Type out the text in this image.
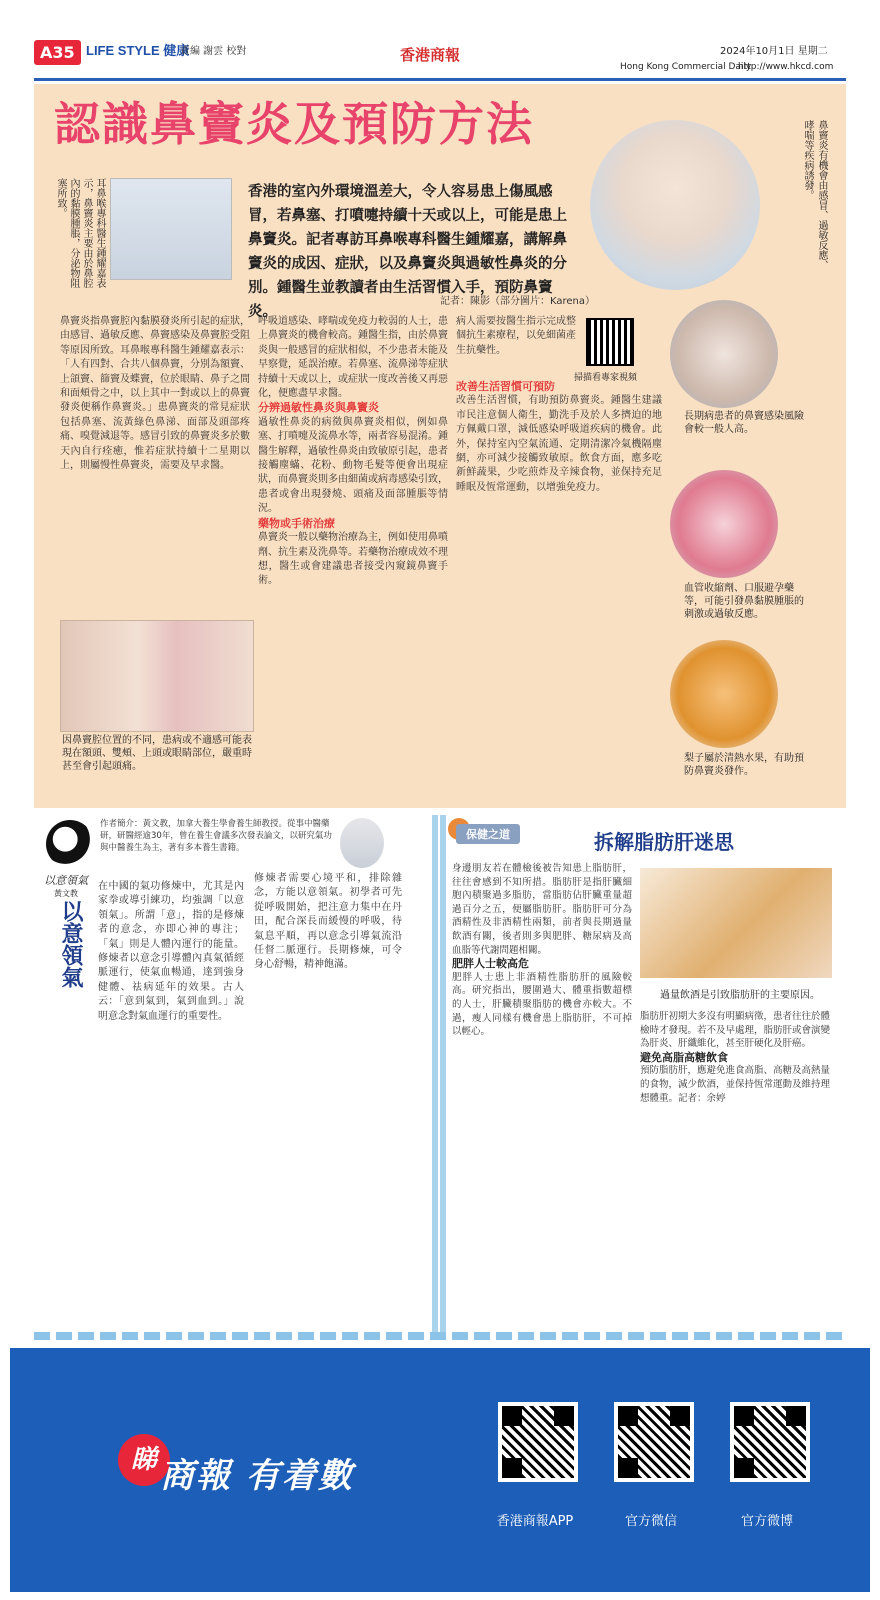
A35 LIFE STYLE 健康
責編 謝雲 校對	香港商報	2024年10月1日 星期二
Hong Kong Commercial Daily
http://www.hkcd.com
認識鼻竇炎及預防方法	鼻竇炎有機會由感冒、過敏反應、哮喘等疾病誘發。
耳鼻喉專科醫生鍾耀嘉表示，鼻竇炎主要由於鼻腔內的黏膜腫脹，分泌物阻塞所致。	香港的室內外環境溫差大，令人容易患上傷風感冒，若鼻塞、打噴嚏持續十天或以上，可能是患上鼻竇炎。記者專訪耳鼻喉專科醫生鍾耀嘉，講解鼻竇炎的成因、症狀，以及鼻竇炎與過敏性鼻炎的分別。鍾醫生並教讀者由生活習慣入手，預防鼻竇炎。
記者：陳影（部分圖片：Karena）
鼻竇炎指鼻竇腔內黏膜發炎所引起的症狀，由感冒、過敏反應、鼻竇感染及鼻竇腔受阻等原因所致。耳鼻喉專科醫生鍾耀嘉表示：「人有四對、合共八個鼻竇，分別為額竇、上頜竇、篩竇及蝶竇，位於眼睛、鼻子之間和面頰骨之中，以上其中一對或以上的鼻竇發炎便稱作鼻竇炎。」患鼻竇炎的常見症狀包括鼻塞、流黃綠色鼻涕、面部及頭部疼痛、嗅覺減退等。感冒引致的鼻竇炎多於數天內自行痊癒，惟若症狀持續十二星期以上，則屬慢性鼻竇炎，需要及早求醫。
因鼻竇腔位置的不同，患病或不適感可能表現在額頭、雙頰、上頭或眼睛部位，嚴重時甚至會引起頭痛。
呼吸道感染、哮喘或免疫力較弱的人士，患上鼻竇炎的機會較高。鍾醫生指，由於鼻竇炎與一般感冒的症狀相似，不少患者未能及早察覺，延誤治療。若鼻塞、流鼻涕等症狀持續十天或以上，或症狀一度改善後又再惡化，便應盡早求醫。
分辨過敏性鼻炎與鼻竇炎
過敏性鼻炎的病徵與鼻竇炎相似，例如鼻塞、打噴嚏及流鼻水等，兩者容易混淆。鍾醫生解釋，過敏性鼻炎由致敏原引起，患者接觸塵蟎、花粉、動物毛髮等便會出現症狀，而鼻竇炎則多由細菌或病毒感染引致，患者或會出現發燒、頭痛及面部腫脹等情況。
藥物或手術治療
鼻竇炎一般以藥物治療為主，例如使用鼻噴劑、抗生素及洗鼻等。若藥物治療成效不理想，醫生或會建議患者接受內窺鏡鼻竇手術。
病人需要按醫生指示完成整個抗生素療程，以免細菌產生抗藥性。
掃描看專家視頻
改善生活習慣可預防
改善生活習慣，有助預防鼻竇炎。鍾醫生建議市民注意個人衛生，勤洗手及於人多擠迫的地方佩戴口罩，減低感染呼吸道疾病的機會。此外，保持室內空氣流通、定期清潔冷氣機隔塵網，亦可減少接觸致敏原。飲食方面，應多吃新鮮蔬果，少吃煎炸及辛辣食物，並保持充足睡眠及恆常運動，以增強免疫力。
長期病患者的鼻竇感染風險會較一般人高。
血管收縮劑、口服避孕藥等，可能引發鼻黏膜腫脹的刺激或過敏反應。
梨子屬於清熱水果，有助預防鼻竇炎發作。
以意領氣
黃文教
作者簡介：黃文教，加拿大養生學會養生師教授。從事中醫藥研，研醫經逾30年，曾在養生會議多次發表論文，以研究氣功與中醫養生為主，著有多本養生書籍。
以意領氣
在中國的氣功修煉中，尤其是內家拳或導引練功，均強調「以意領氣」。所謂「意」，指的是修煉者的意念，亦即心神的專注；「氣」則是人體內運行的能量。修煉者以意念引導體內真氣循經脈運行，使氣血暢通，達到強身健體、祛病延年的效果。古人云：「意到氣到，氣到血到。」說明意念對氣血運行的重要性。
修煉者需要心境平和，排除雜念，方能以意領氣。初學者可先從呼吸開始，把注意力集中在丹田，配合深長而緩慢的呼吸，待氣息平順，再以意念引導氣流沿任督二脈運行。長期修煉，可令身心舒暢，精神飽滿。
保健之道	拆解脂肪肝迷思
過量飲酒是引致脂肪肝的主要原因。
身邊朋友若在體檢後被告知患上脂肪肝，往往會感到不知所措。脂肪肝是指肝臟細胞內積聚過多脂肪，當脂肪佔肝臟重量超過百分之五，便屬脂肪肝。脂肪肝可分為酒精性及非酒精性兩類，前者與長期過量飲酒有關，後者則多與肥胖、糖尿病及高血脂等代謝問題相關。
肥胖人士較高危
肥胖人士患上非酒精性脂肪肝的風險較高。研究指出，腰圍過大、體重指數超標的人士，肝臟積聚脂肪的機會亦較大。不過，瘦人同樣有機會患上脂肪肝，不可掉以輕心。
脂肪肝初期大多沒有明顯病徵，患者往往於體檢時才發現。若不及早處理，脂肪肝或會演變為肝炎、肝纖維化，甚至肝硬化及肝癌。
避免高脂高糖飲食
預防脂肪肝，應避免進食高脂、高糖及高熱量的食物，減少飲酒，並保持恆常運動及維持理想體重。記者：余婷
睇 商報 有着數
香港商報APP	官方微信	官方微博
